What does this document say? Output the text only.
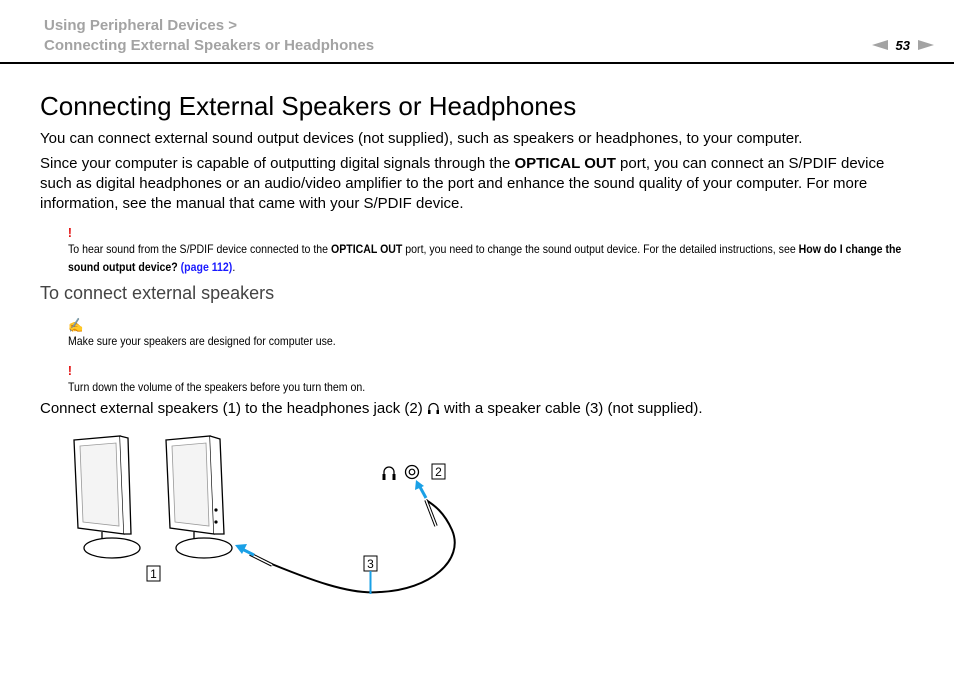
Using Peripheral Devices >
Connecting External Speakers or Headphones	53
Connecting External Speakers or Headphones

You can connect external sound output devices (not supplied), such as speakers or headphones, to your computer.

Since your computer is capable of outputting digital signals through the OPTICAL OUT port, you can connect an S/PDIF device such as digital headphones or an audio/video amplifier to the port and enhance the sound quality of your computer. For more information, see the manual that came with your S/PDIF device.

!
To hear sound from the S/PDIF device connected to the OPTICAL OUT port, you need to change the sound output device. For the detailed instructions, see How do I change the sound output device? (page 112).
To connect external speakers
✍
Make sure your speakers are designed for computer use.
!
Turn down the volume of the speakers before you turn them on.

Connect external speakers (1) to the headphones jack (2)  with a speaker cable (3) (not supplied).

1
2
3
